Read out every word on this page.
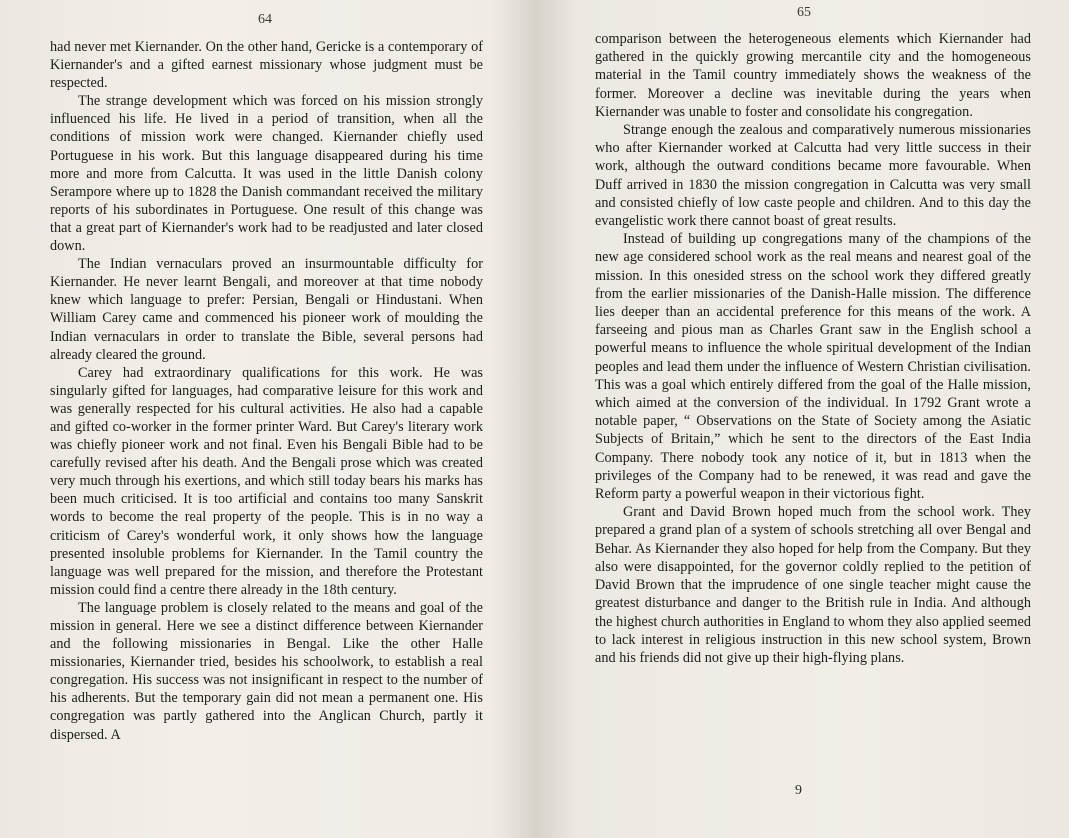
64

had never met Kiernander. On the other hand, Gericke is a contemporary of Kiernander's and a gifted earnest missionary whose judgment must be respected.

The strange development which was forced on his mission strongly influenced his life. He lived in a period of transition, when all the conditions of mission work were changed. Kiernander chiefly used Portuguese in his work. But this language disappeared during his time more and more from Calcutta. It was used in the little Danish colony Serampore where up to 1828 the Danish commandant received the military reports of his subordinates in Portuguese. One result of this change was that a great part of Kiernander's work had to be readjusted and later closed down.

The Indian vernaculars proved an insurmountable difficulty for Kiernander. He never learnt Bengali, and moreover at that time nobody knew which language to prefer: Persian, Bengali or Hindustani. When William Carey came and commenced his pioneer work of moulding the Indian vernaculars in order to translate the Bible, several persons had already cleared the ground.

Carey had extraordinary qualifications for this work. He was singularly gifted for languages, had comparative leisure for this work and was generally respected for his cultural activities. He also had a capable and gifted co-worker in the former printer Ward. But Carey's literary work was chiefly pioneer work and not final. Even his Bengali Bible had to be carefully revised after his death. And the Bengali prose which was created very much through his exertions, and which still today bears his marks has been much criticised. It is too artificial and contains too many Sanskrit words to become the real property of the people. This is in no way a criticism of Carey's wonderful work, it only shows how the language presented insoluble problems for Kiernander. In the Tamil country the language was well prepared for the mission, and therefore the Protestant mission could find a centre there already in the 18th century.

The language problem is closely related to the means and goal of the mission in general. Here we see a distinct difference between Kiernander and the following missionaries in Bengal. Like the other Halle missionaries, Kiernander tried, besides his schoolwork, to establish a real congregation. His success was not insignificant in respect to the number of his adherents. But the temporary gain did not mean a permanent one. His congregation was partly gathered into the Anglican Church, partly it dispersed. A

65

comparison between the heterogeneous elements which Kiernander had gathered in the quickly growing mercantile city and the homogeneous material in the Tamil country immediately shows the weakness of the former. Moreover a decline was inevitable during the years when Kiernander was unable to foster and consolidate his congregation.

Strange enough the zealous and comparatively numerous missionaries who after Kiernander worked at Calcutta had very little success in their work, although the outward conditions became more favourable. When Duff arrived in 1830 the mission congregation in Calcutta was very small and consisted chiefly of low caste people and children. And to this day the evangelistic work there cannot boast of great results.

Instead of building up congregations many of the champions of the new age considered school work as the real means and nearest goal of the mission. In this onesided stress on the school work they differed greatly from the earlier missionaries of the Danish-Halle mission. The difference lies deeper than an accidental preference for this means of the work. A farseeing and pious man as Charles Grant saw in the English school a powerful means to influence the whole spiritual development of the Indian peoples and lead them under the influence of Western Christian civilisation. This was a goal which entirely differed from the goal of the Halle mission, which aimed at the conversion of the individual. In 1792 Grant wrote a notable paper, “ Observations on the State of Society among the Asiatic Subjects of Britain,” which he sent to the directors of the East India Company. There nobody took any notice of it, but in 1813 when the privileges of the Company had to be renewed, it was read and gave the Reform party a powerful weapon in their victorious fight.

Grant and David Brown hoped much from the school work. They prepared a grand plan of a system of schools stretching all over Bengal and Behar. As Kiernander they also hoped for help from the Company. But they also were disappointed, for the governor coldly replied to the petition of David Brown that the imprudence of one single teacher might cause the greatest disturbance and danger to the British rule in India. And although the highest church authorities in England to whom they also applied seemed to lack interest in religious instruction in this new school system, Brown and his friends did not give up their high-flying plans.

9
